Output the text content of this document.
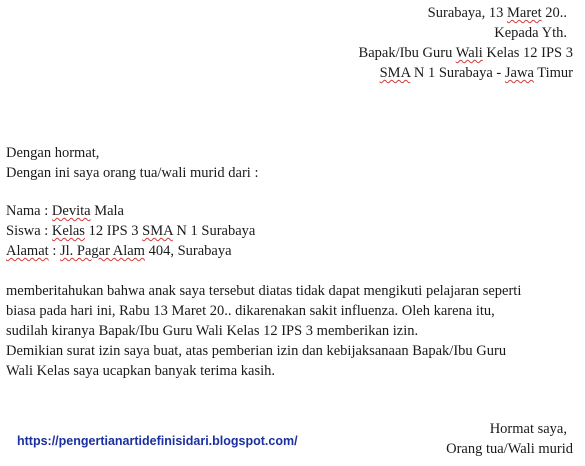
Surabaya, 13 Maret 20..
Kepada Yth.
Bapak/Ibu Guru Wali Kelas 12 IPS 3
SMA N 1 Surabaya - Jawa Timur
Dengan hormat,
Dengan ini saya orang tua/wali murid dari :
Nama : Devita Mala
Siswa : Kelas 12 IPS 3 SMA N 1 Surabaya
Alamat : Jl. Pagar Alam 404, Surabaya
memberitahukan bahwa anak saya tersebut diatas tidak dapat mengikuti pelajaran seperti
biasa pada hari ini, Rabu 13 Maret 20.. dikarenakan sakit influenza. Oleh karena itu,
sudilah kiranya Bapak/Ibu Guru Wali Kelas 12 IPS 3 memberikan izin.
Demikian surat izin saya buat, atas pemberian izin dan kebijaksanaan Bapak/Ibu Guru
Wali Kelas saya ucapkan banyak terima kasih.
Hormat saya,
Orang tua/Wali murid
https://pengertianartidefinisidari.blogspot.com/
